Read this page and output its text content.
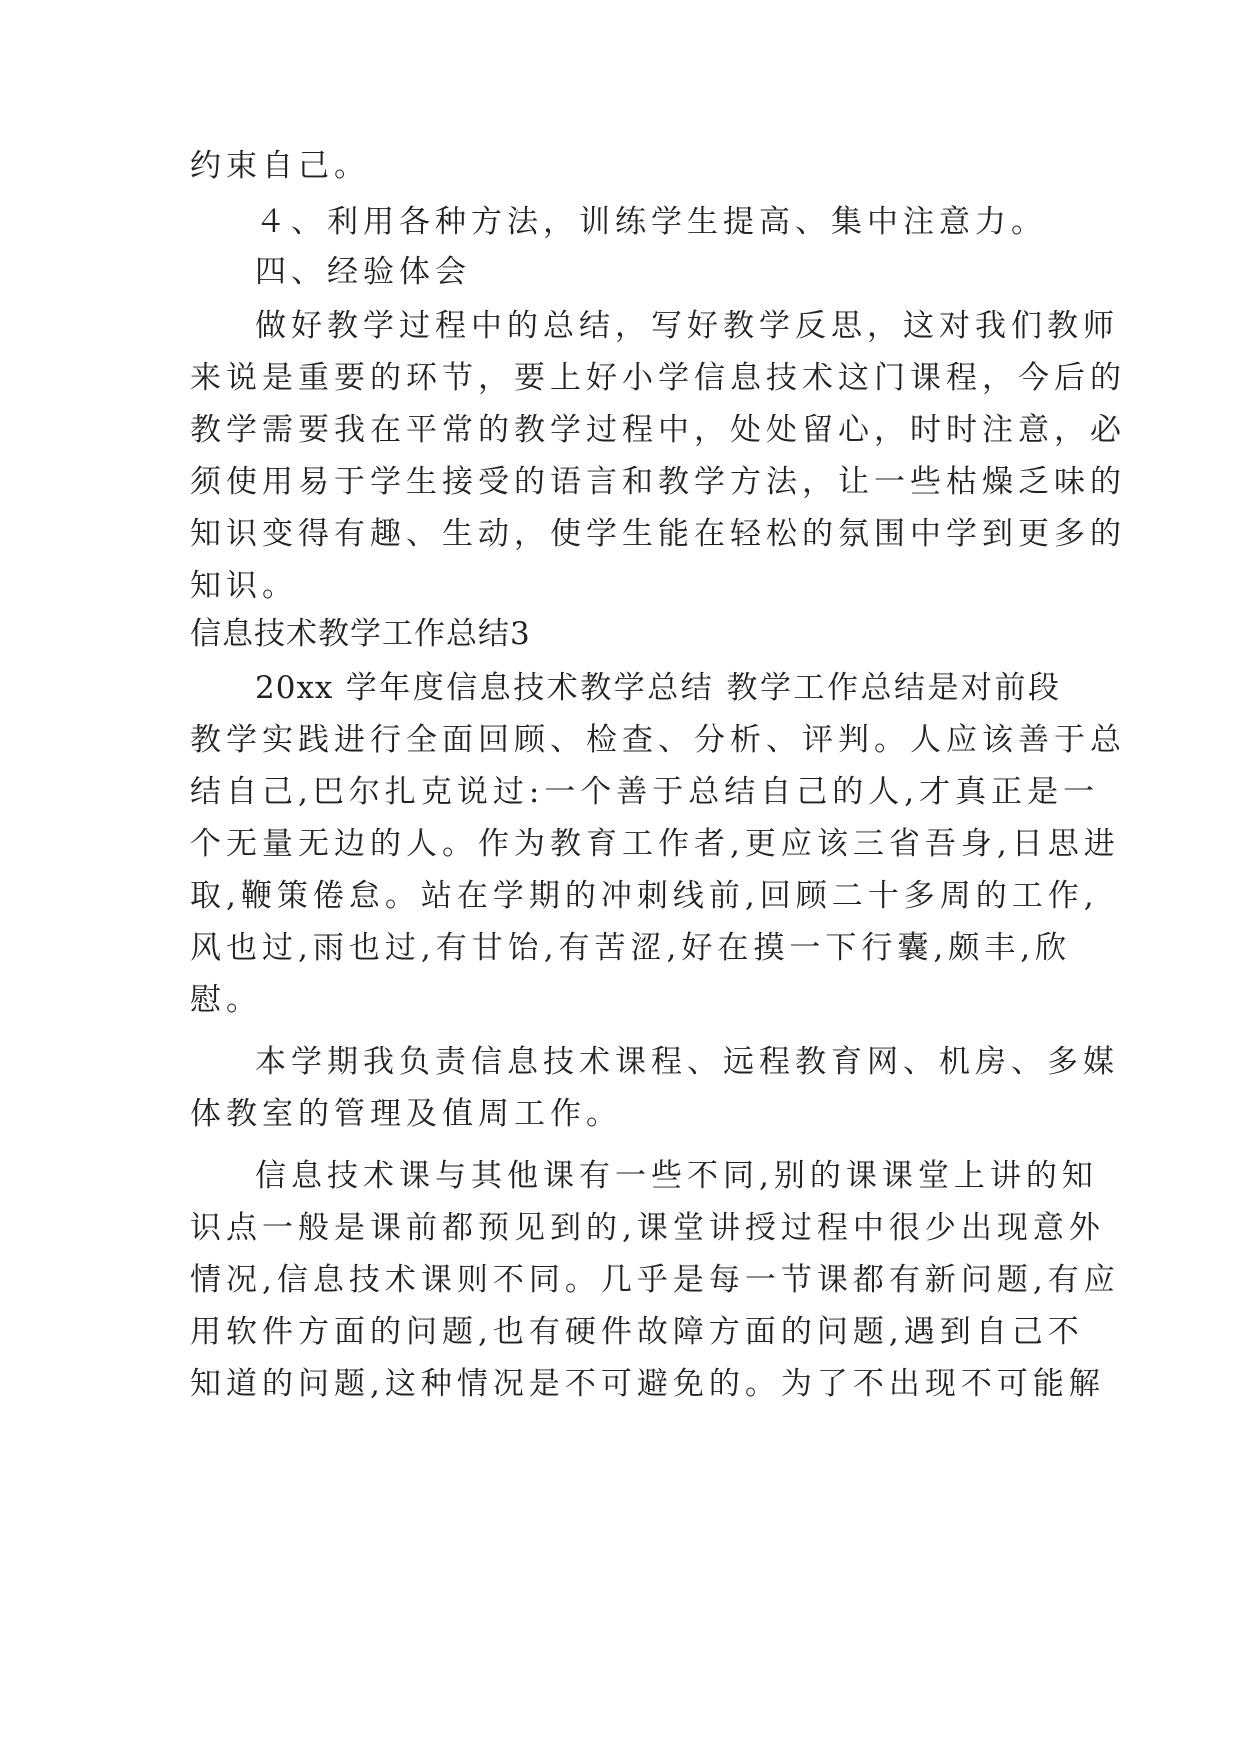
约束自己。
４、利用各种方法，训练学生提高、集中注意力。
四、经验体会
做好教学过程中的总结，写好教学反思，这对我们教师
来说是重要的环节，要上好小学信息技术这门课程，今后的
教学需要我在平常的教学过程中，处处留心，时时注意，必
须使用易于学生接受的语言和教学方法，让一些枯燥乏味的
知识变得有趣、生动，使学生能在轻松的氛围中学到更多的
知识。
信息技术教学工作总结3
20xx 学年度信息技术教学总结 教学工作总结是对前段
教学实践进行全面回顾、检查、分析、评判。人应该善于总
结自己,巴尔扎克说过:一个善于总结自己的人,才真正是一
个无量无边的人。作为教育工作者,更应该三省吾身,日思进
取,鞭策倦怠。站在学期的冲刺线前,回顾二十多周的工作,
风也过,雨也过,有甘饴,有苦涩,好在摸一下行囊,颇丰,欣
慰。
本学期我负责信息技术课程、远程教育网、机房、多媒
体教室的管理及值周工作。
信息技术课与其他课有一些不同,别的课课堂上讲的知
识点一般是课前都预见到的,课堂讲授过程中很少出现意外
情况,信息技术课则不同。几乎是每一节课都有新问题,有应
用软件方面的问题,也有硬件故障方面的问题,遇到自己不
知道的问题,这种情况是不可避免的。为了不出现不可能解
